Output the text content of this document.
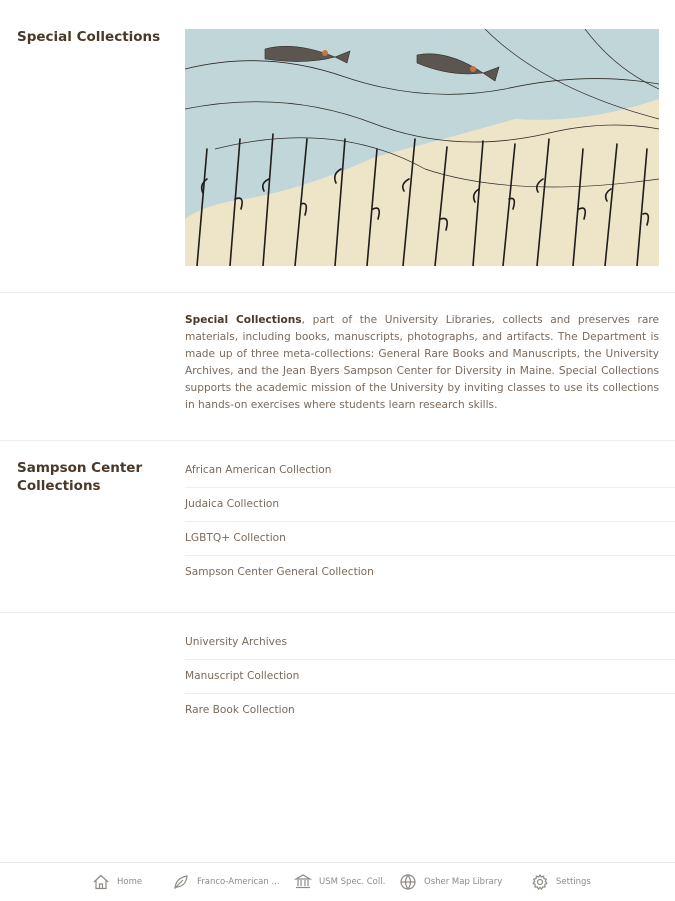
Special Collections
Special Collections, part of the University Libraries, collects and preserves rare materials, including books, manuscripts, photographs, and artifacts. The Department is made up of three meta-collections: General Rare Books and Manuscripts, the University Archives, and the Jean Byers Sampson Center for Diversity in Maine. Special Collections supports the academic mission of the University by inviting classes to use its collections in hands-on exercises where students learn research skills.
Sampson Center Collections
African American Collection
Judaica Collection
LGBTQ+ Collection
Sampson Center General Collection
University Archives
Manuscript Collection
Rare Book Collection
Home	Franco-American ...	USM Spec. Coll.	Osher Map Library	Settings
